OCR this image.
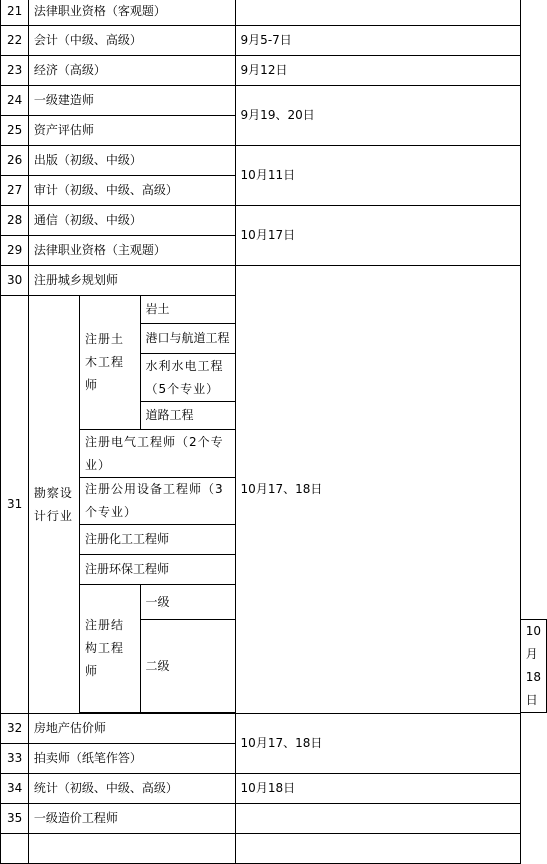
21	法律职业资格（客观题）				
22	会计（中级、高级）			9月5-7日	
23	经济（高级）			9月12日	
24	一级建造师			9月19、20日	
25	资产评估师				
26	出版（初级、中级）			10月11日	
27	审计（初级、中级、高级）				
28	通信（初级、中级）			10月17日	
29	法律职业资格（主观题）				
30	注册城乡规划师			10月17、18日	
31	勘察设计行业	注册土木工程师	岩土		
			港口与航道工程		
			水利水电工程（5个专业）		
			道路工程		
		注册电气工程师（2个专业）			
		注册公用设备工程师（3个专业）			
		注册化工工程师			
		注册环保工程师			
		注册结构工程师	一级		
			二级		10月18日

32	房地产估价师			10月17、18日	
33	拍卖师（纸笔作答）				
34	统计（初级、中级、高级）			10月18日	
35	一级造价工程师				
